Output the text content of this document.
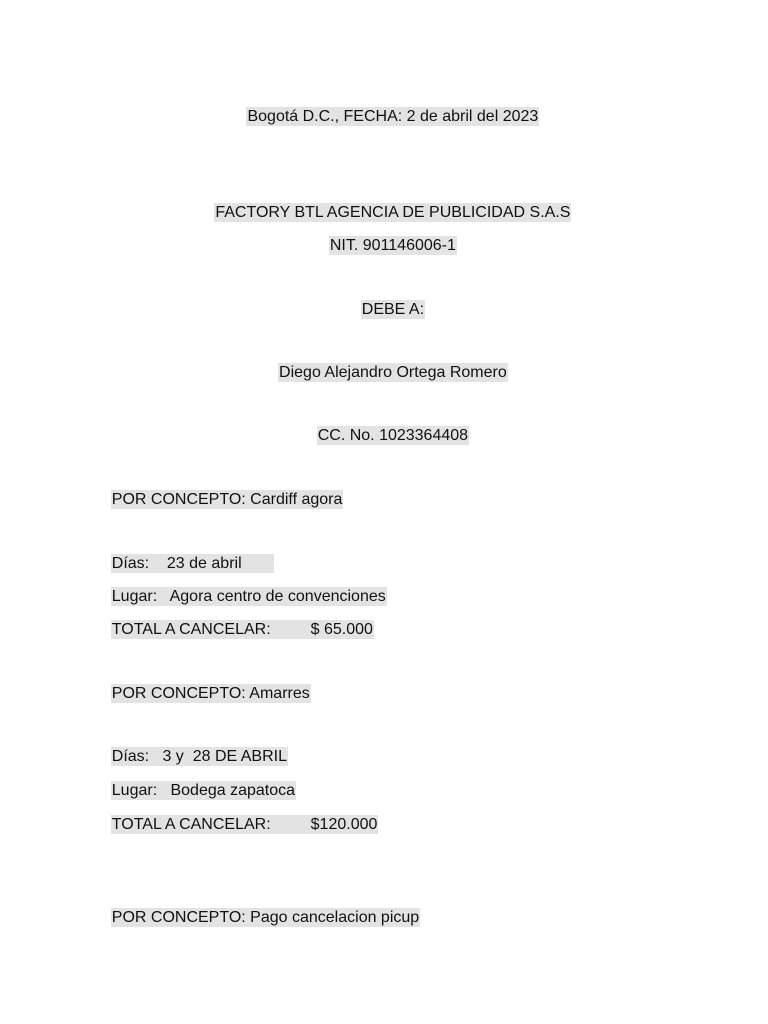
Bogotá D.C., FECHA: 2 de abril del 2023

FACTORY BTL AGENCIA DE PUBLICIDAD S.A.S

NIT. 901146006-1

DEBE A:

Diego Alejandro Ortega Romero

CC. No. 1023364408

POR CONCEPTO: Cardiff agora

Días:    23 de abril

Lugar:   Agora centro de convenciones

TOTAL A CANCELAR:         $ 65.000

POR CONCEPTO: Amarres

Días:   3 y  28 DE ABRIL

Lugar:   Bodega zapatoca

TOTAL A CANCELAR:         $120.000

POR CONCEPTO: Pago cancelacion picup
